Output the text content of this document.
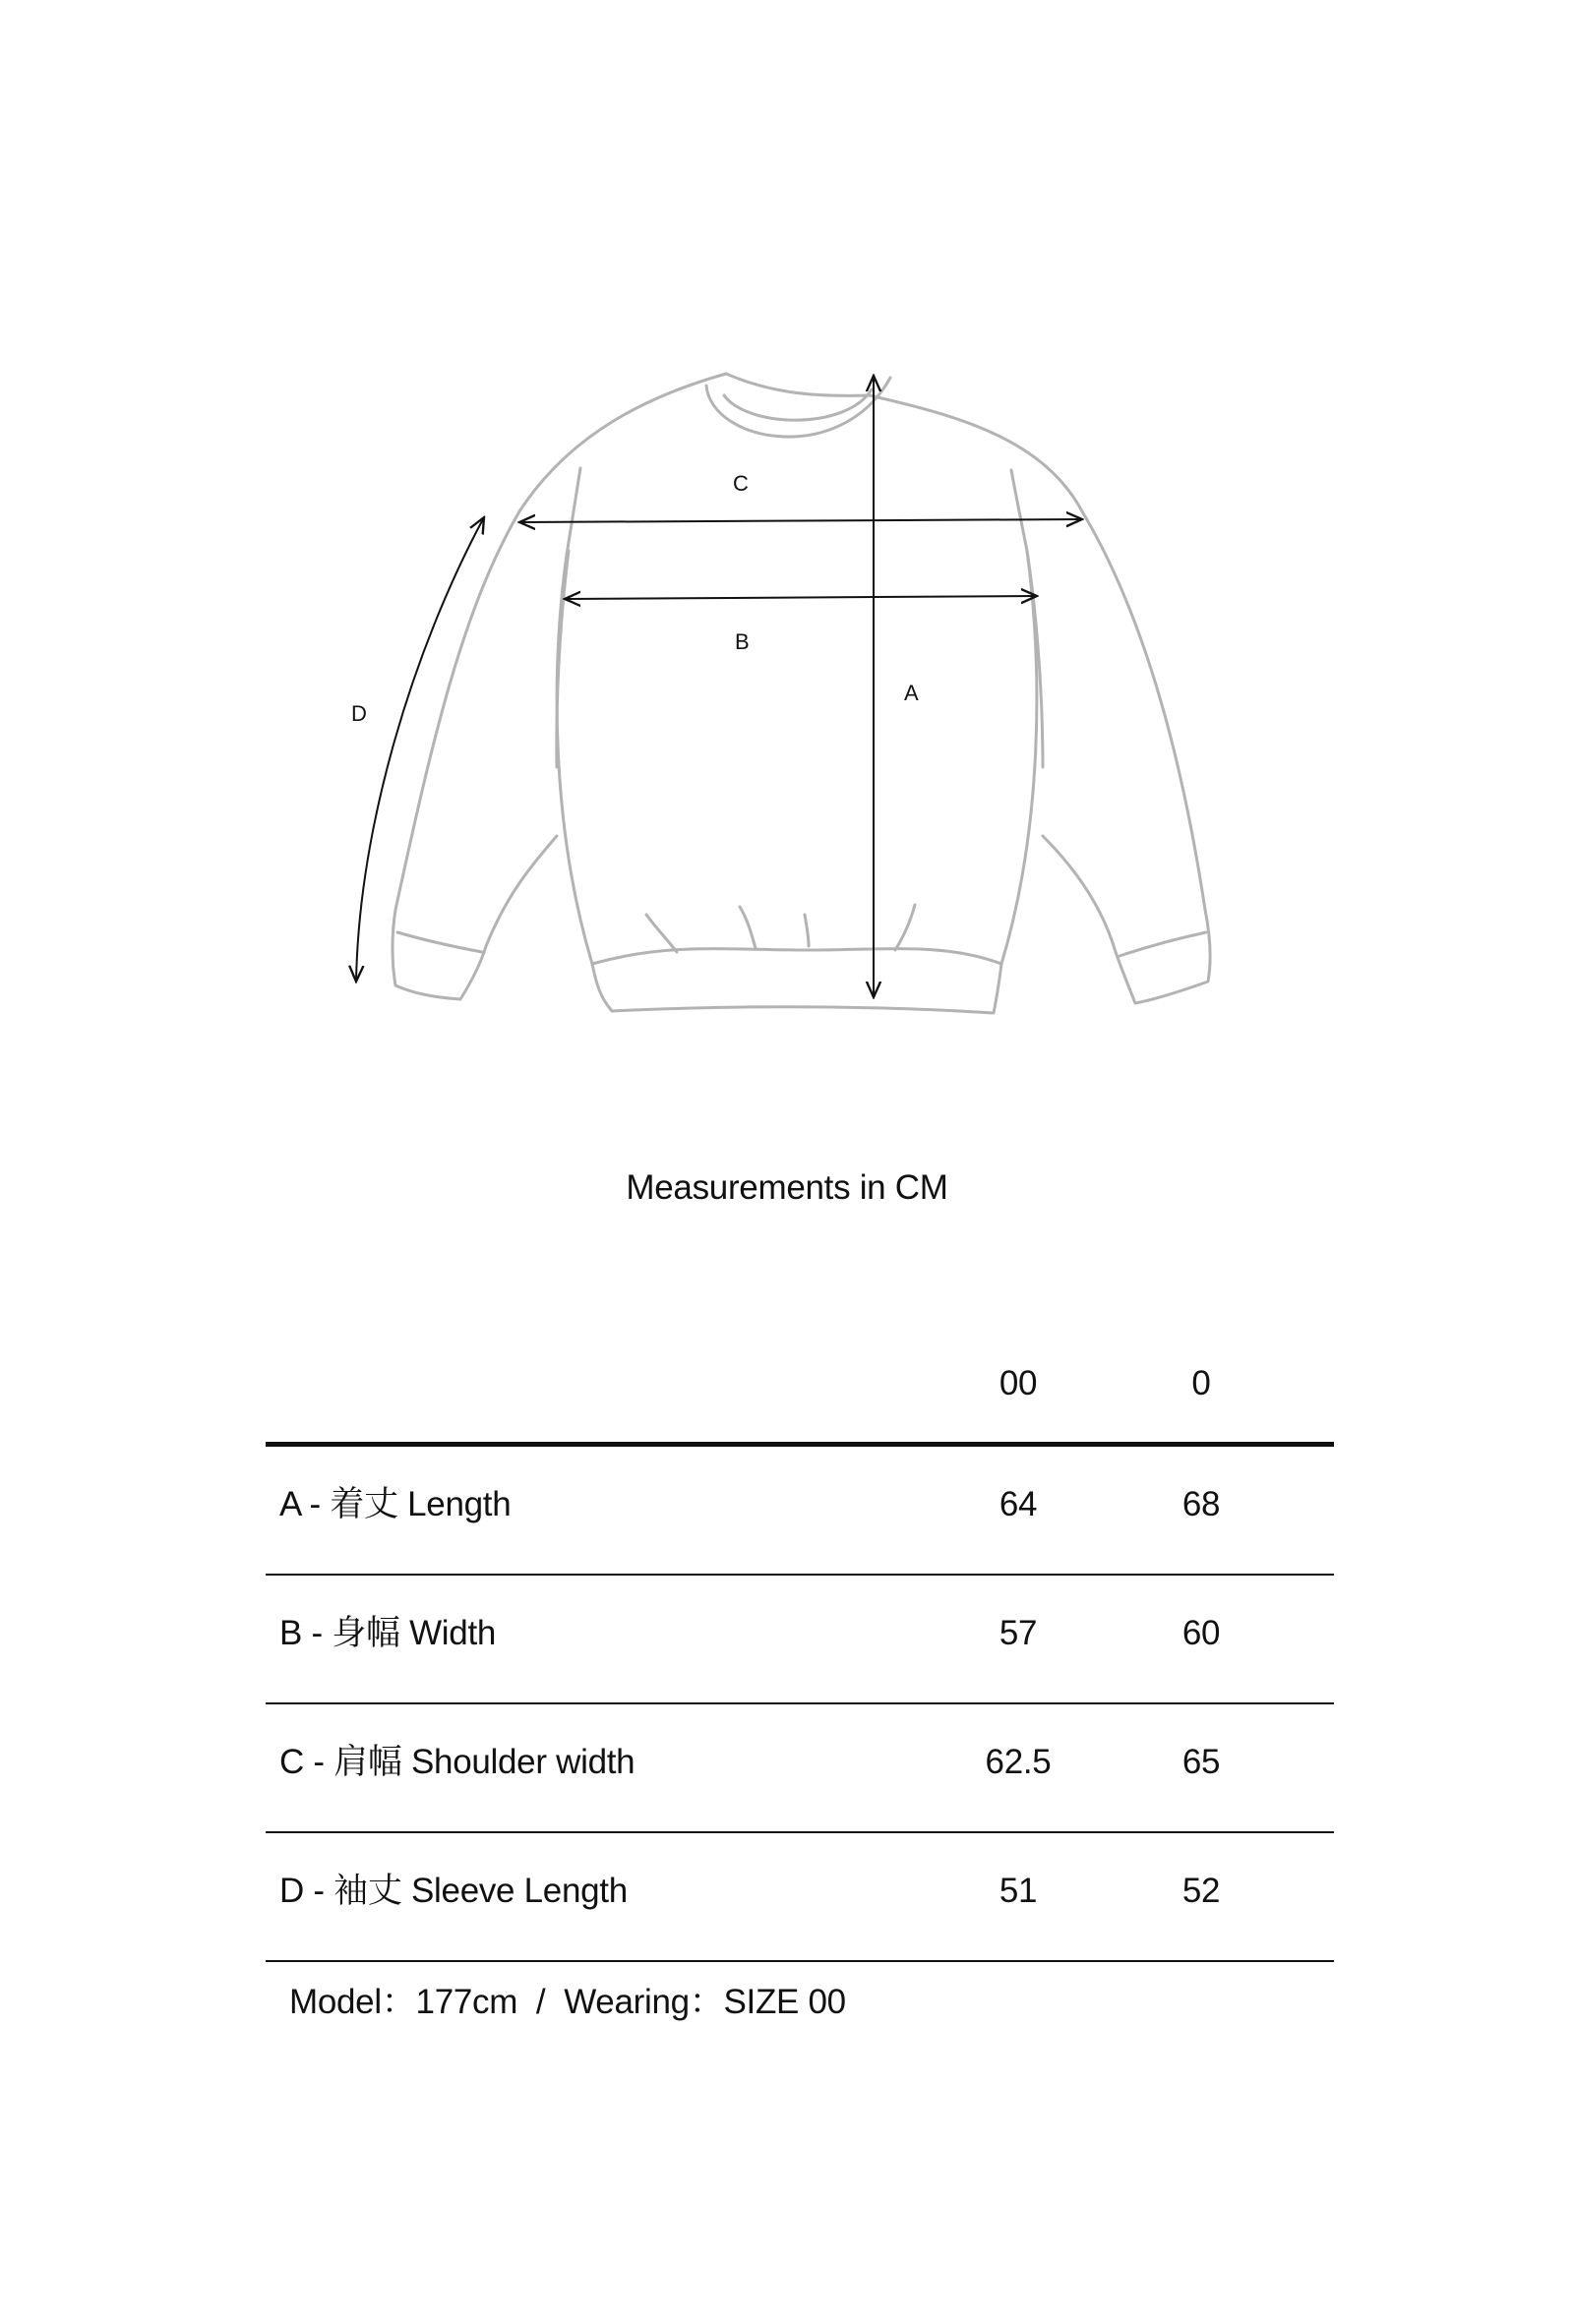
C
B
A
D
Measurements in CM
00	0
A - 着丈 Length	64	68
B - 身幅 Width	57	60
C - 肩幅 Shoulder width	62.5	65
D - 袖丈 Sleeve Length	51	52
Model：177cm  /  Wearing：SIZE 00
